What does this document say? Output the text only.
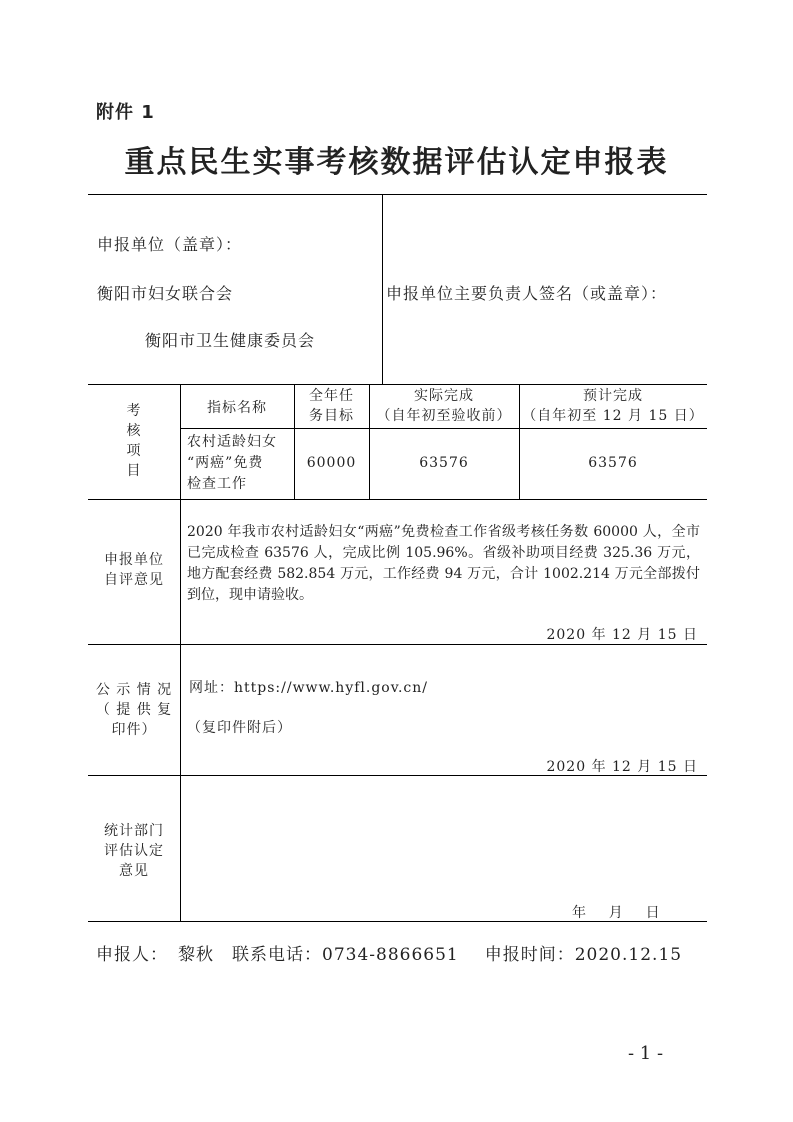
附件 1
重点民生实事考核数据评估认定申报表
申报单位（盖章）：
衡阳市妇女联合会
衡阳市卫生健康委员会
申报单位主要负责人签名（或盖章）：
考
核
项
目
指标名称
全年任
务目标
实际完成
（自年初至验收前）
预计完成
（自年初至 12 月 15 日）
农村适龄妇女
“两癌”免费
检查工作
60000	63576	63576
申报单位
自评意见
2020 年我市农村适龄妇女“两癌”免费检查工作省级考核任务数 60000 人，全市已完成检查 63576 人，完成比例 105.96%。省级补助项目经费 325.36 万元，地方配套经费 582.854 万元，工作经费 94 万元，合计 1002.214 万元全部拨付到位，现申请验收。
2020 年 12 月 15 日
公 示 情 况
（ 提 供 复
印件）
网址：https://www.hyfl.gov.cn/
（复印件附后）
2020 年 12 月 15 日
统计部门
评估认定
意见
年    月    日
申报人： 黎秋 联系电话：0734-8866651 申报时间：2020.12.15
- 1 -
